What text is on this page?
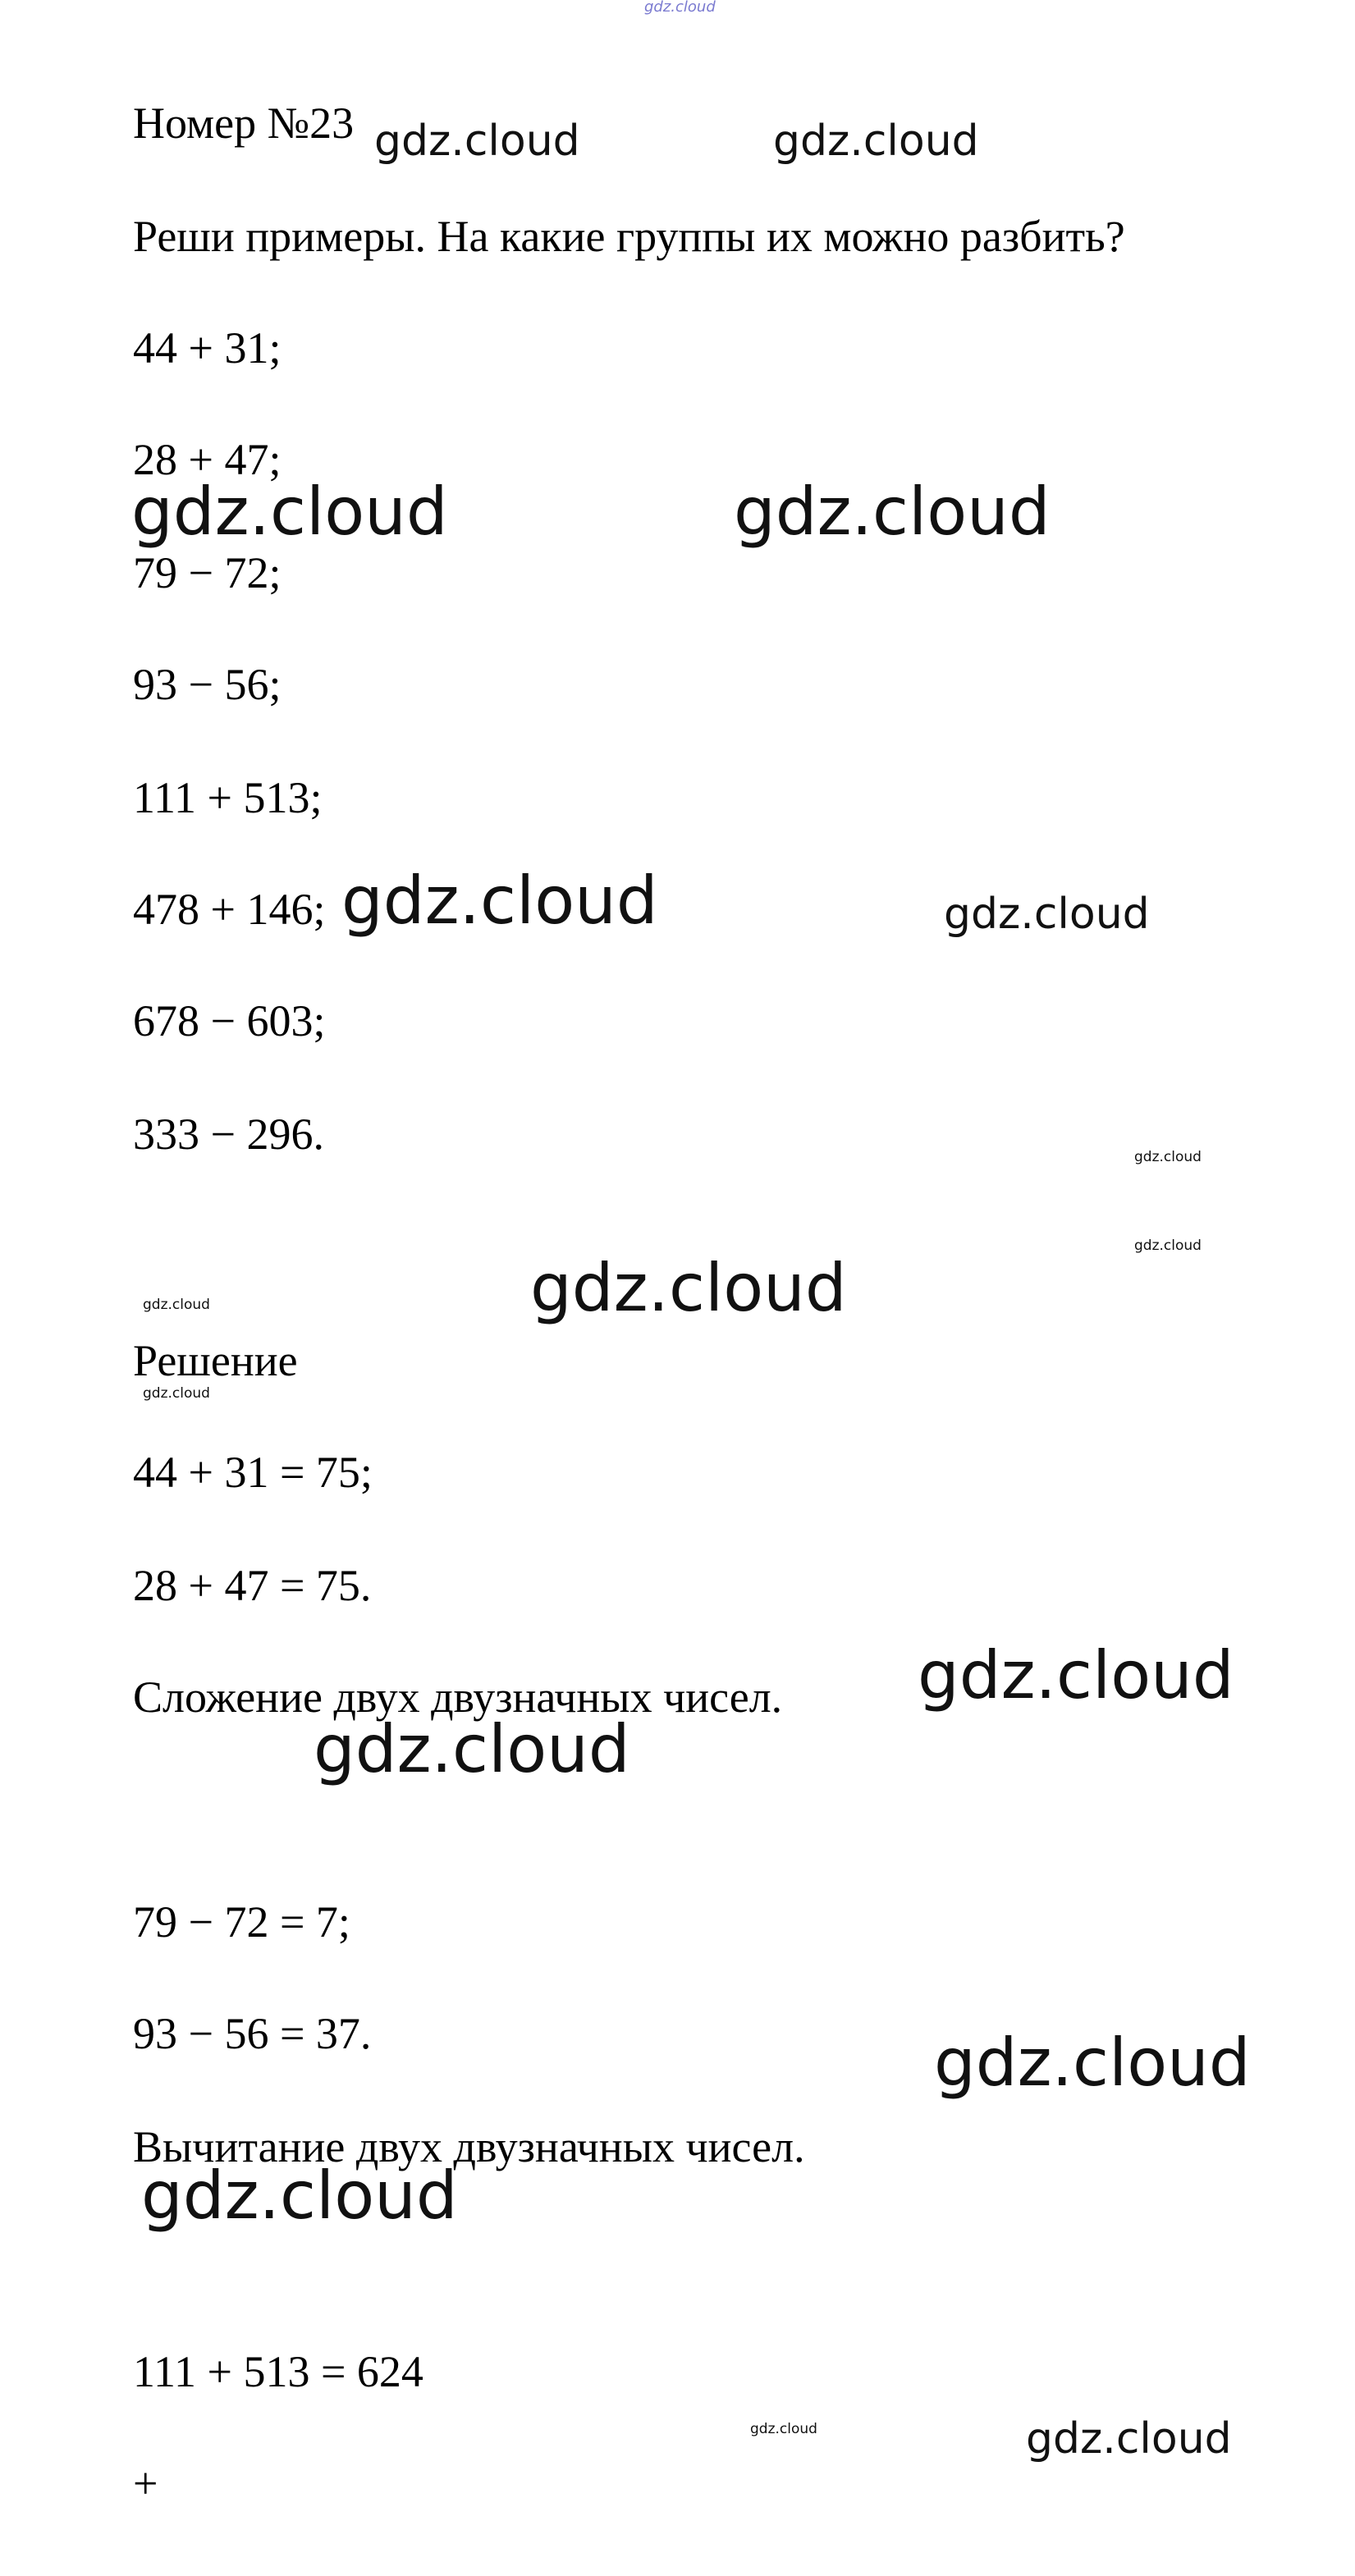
Номер №23

Реши примеры. На какие группы их можно разбить?

44 + 31;

28 + 47;

79 − 72;

93 − 56;

111 + 513;

478 + 146;

678 − 603;

333 − 296.

Решение

44 + 31 = 75;

28 + 47 = 75.

Сложение двух двузначных чисел.

79 − 72 = 7;

93 − 56 = 37.

Вычитание двух двузначных чисел.

111 + 513 = 624

+

gdz.cloud
gdz.cloud	gdz.cloud
gdz.cloud	gdz.cloud
gdz.cloud	gdz.cloud
gdz.cloud
gdz.cloud
gdz.cloud
gdz.cloud
gdz.cloud
gdz.cloud
gdz.cloud
gdz.cloud
gdz.cloud
gdz.cloud	gdz.cloud
